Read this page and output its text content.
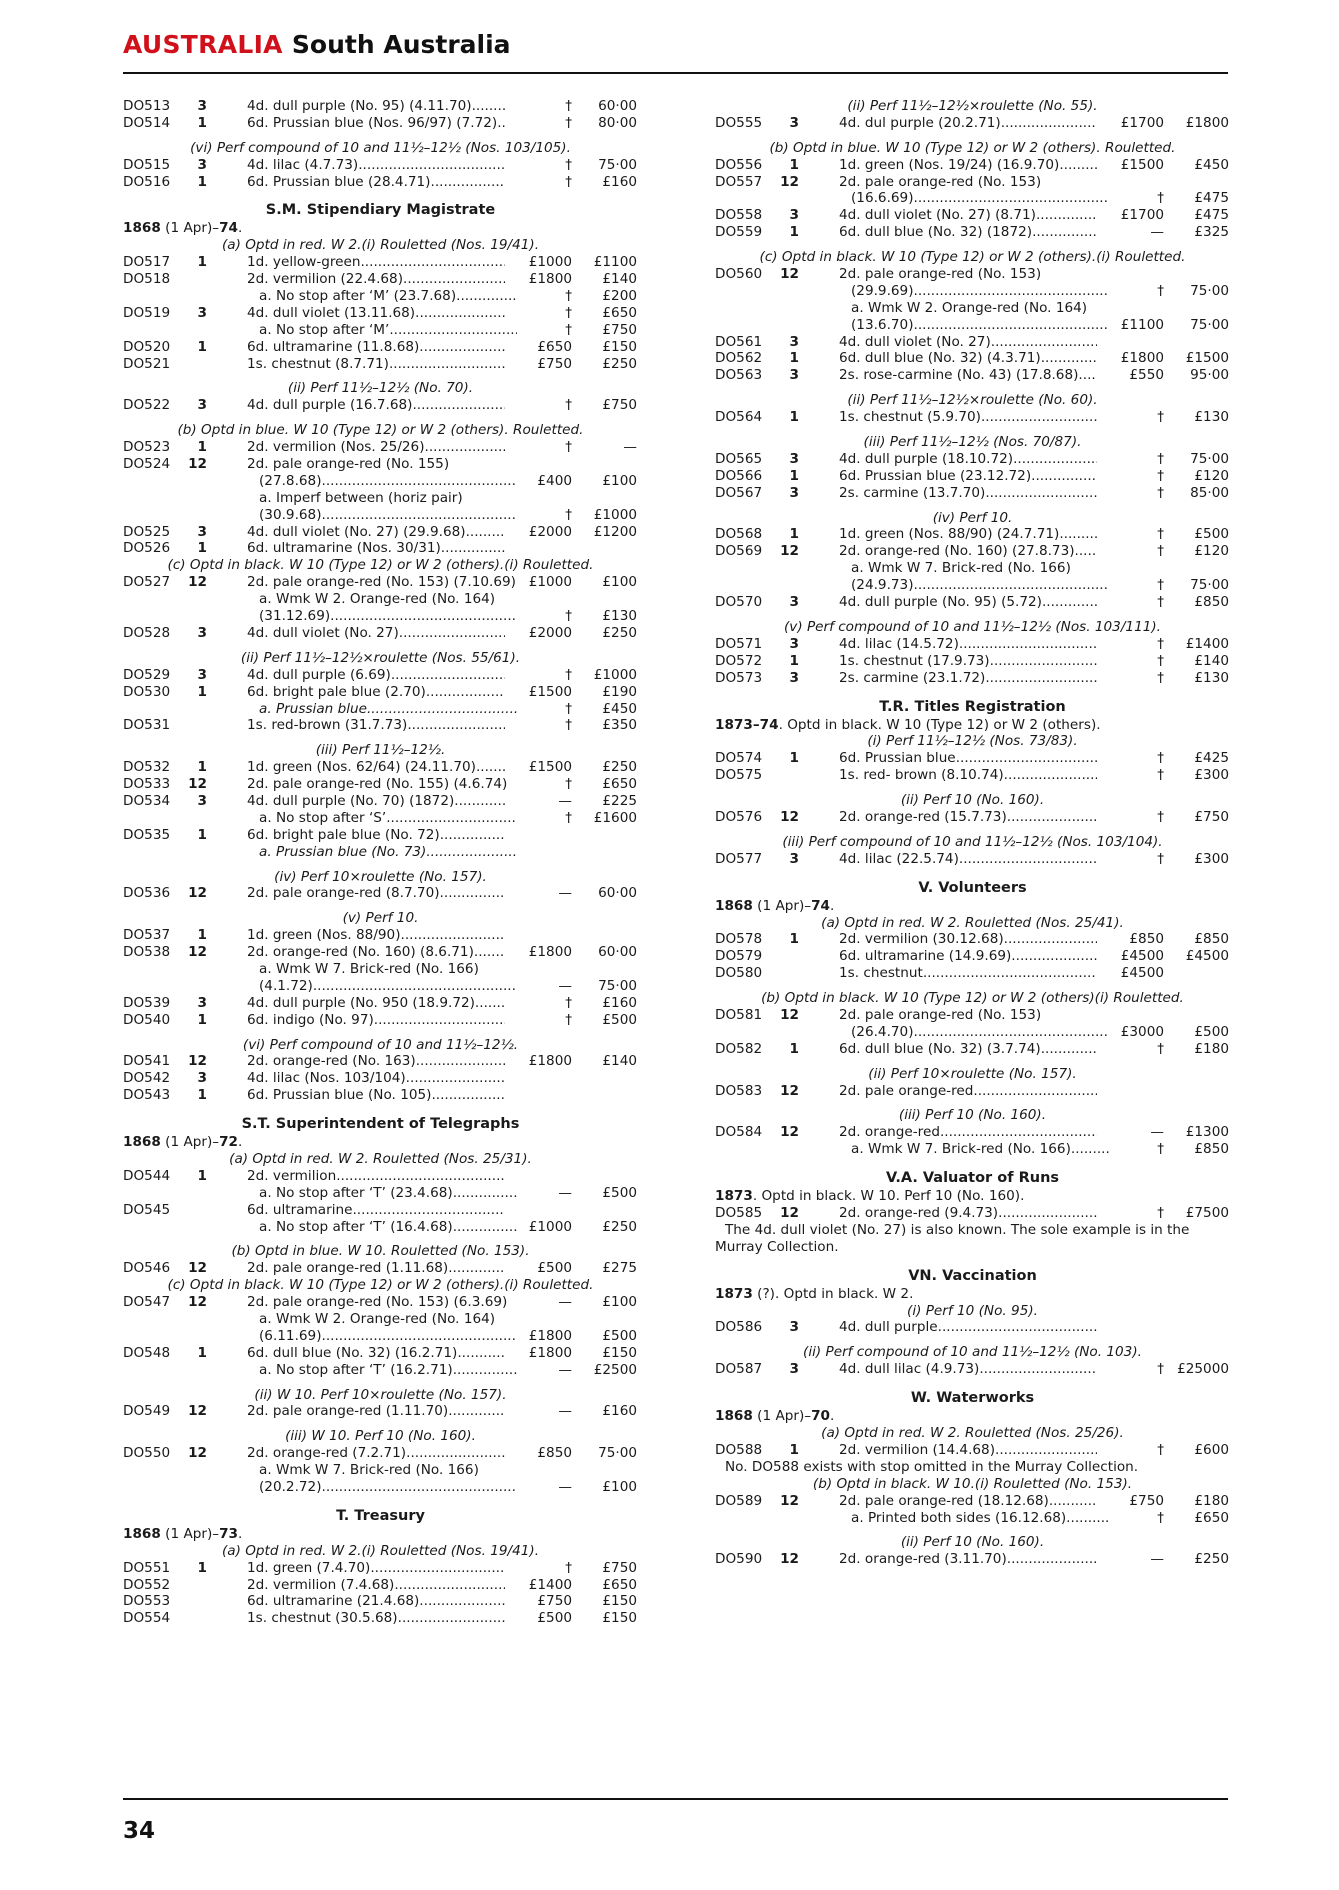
AUSTRALIA South Australia
DO513	3	4d. dull purple (No. 95) (4.11.70) .....	†	60·00
DO514	1	6d. Prussian blue (Nos. 96/97) (7.72) .....	†	80·00
(vi) Perf compound of 10 and 11½–12½ (Nos. 103/105).
DO515	3	4d. lilac (4.7.73) .....	†	75·00
DO516	1	6d. Prussian blue (28.4.71) .....	†	£160
S.M. Stipendiary Magistrate
1868 (1 Apr)–74.
(a) Optd in red. W 2.(i) Rouletted (Nos. 19/41).
DO517	1	1d. yellow-green .....	£1000	£1100
DO518	2d. vermilion (22.4.68) .....	£1800	£140
a. No stop after ‘M’ (23.7.68) .....	†	£200
DO519	3	4d. dull violet (13.11.68) .....	†	£650
a. No stop after ‘M’ .....	†	£750
DO520	1	6d. ultramarine (11.8.68) .....	£650	£150
DO521	1s. chestnut (8.7.71) .....	£750	£250
(ii) Perf 11½–12½ (No. 70).
DO522	3	4d. dull purple (16.7.68) .....	†	£750
(b) Optd in blue. W 10 (Type 12) or W 2 (others). Rouletted.
DO523	1	2d. vermilion (Nos. 25/26) .....	†	—
DO524 12	2d. pale orange-red (No. 155)
(27.8.68) .....	£400	£100
a. Imperf between (horiz pair)
(30.9.68) .....	†	£1000
DO525	3	4d. dull violet (No. 27) (29.9.68) .....	£2000	£1200
DO526	1	6d. ultramarine (Nos. 30/31) .....
(c) Optd in black. W 10 (Type 12) or W 2 (others).(i) Rouletted.
DO527 12	2d. pale orange-red (No. 153) (7.10.69) £1000	£100
a. Wmk W 2. Orange-red (No. 164)
(31.12.69) .....	†	£130
DO528	3	4d. dull violet (No. 27) .....	£2000	£250
(ii) Perf 11½–12½×roulette (Nos. 55/61).
DO529	3	4d. dull purple (6.69) .....	†	£1000
DO530	1	6d. bright pale blue (2.70) .....	£1500	£190
a. Prussian blue .....	†	£450
DO531	1s. red-brown (31.7.73) .....	†	£350
(iii) Perf 11½–12½.
DO532	1	1d. green (Nos. 62/64) (24.11.70) .....	£1500	£250
DO533 12	2d. pale orange-red (No. 155) (4.6.74)	†	£650
DO534	3	4d. dull purple (No. 70) (1872) .....	—	£225
a. No stop after ‘S’ .....	†	£1600
DO535	1	6d. bright pale blue (No. 72) .....
a. Prussian blue (No. 73) .....
(iv) Perf 10×roulette (No. 157).
DO536 12	2d. pale orange-red (8.7.70) .....	—	60·00
(v) Perf 10.
DO537	1	1d. green (Nos. 88/90) .....
DO538 12	2d. orange-red (No. 160) (8.6.71) .....	£1800	60·00
a. Wmk W 7. Brick-red (No. 166)
(4.1.72) .....	—	75·00
DO539	3	4d. dull purple (No. 950 (18.9.72) .....	†	£160
DO540	1	6d. indigo (No. 97) .....	†	£500
(vi) Perf compound of 10 and 11½–12½.
DO541 12	2d. orange-red (No. 163) .....	£1800	£140
DO542	3	4d. lilac (Nos. 103/104) .....
DO543	1	6d. Prussian blue (No. 105) .....
S.T. Superintendent of Telegraphs
1868 (1 Apr)–72.
(a) Optd in red. W 2. Rouletted (Nos. 25/31).
DO544	1	2d. vermilion .....
a. No stop after ‘T’ (23.4.68) .....	—	£500
DO545	6d. ultramarine .....
a. No stop after ‘T’ (16.4.68) .....	£1000	£250
(b) Optd in blue. W 10. Rouletted (No. 153).
DO546 12	2d. pale orange-red (1.11.68) .....	£500	£275
(c) Optd in black. W 10 (Type 12) or W 2 (others).(i) Rouletted.
DO547 12	2d. pale orange-red (No. 153) (6.3.69)	—	£100
a. Wmk W 2. Orange-red (No. 164)
(6.11.69) .....	£1800	£500
DO548	1	6d. dull blue (No. 32) (16.2.71) .....	£1800	£150
a. No stop after ‘T’ (16.2.71) .....	—	£2500
(ii) W 10. Perf 10×roulette (No. 157).
DO549 12	2d. pale orange-red (1.11.70) .....	—	£160
(iii) W 10. Perf 10 (No. 160).
DO550 12	2d. orange-red (7.2.71) .....	£850	75·00
a. Wmk W 7. Brick-red (No. 166)
(20.2.72) .....	—	£100
T. Treasury
1868 (1 Apr)–73.
(a) Optd in red. W 2.(i) Rouletted (Nos. 19/41).
DO551	1	1d. green (7.4.70) .....	†	£750
DO552	2d. vermilion (7.4.68) .....	£1400	£650
DO553	6d. ultramarine (21.4.68) .....	£750	£150
DO554	1s. chestnut (30.5.68) .....	£500	£150
(ii) Perf 11½–12½×roulette (No. 55).
DO555	3	4d. dul purple (20.2.71) .....	£1700	£1800
(b) Optd in blue. W 10 (Type 12) or W 2 (others). Rouletted.
DO556	1	1d. green (Nos. 19/24) (16.9.70) .....	£1500	£450
DO557 12	2d. pale orange-red (No. 153)
(16.6.69) .....	†	£475
DO558	3	4d. dull violet (No. 27) (8.71) .....	£1700	£475
DO559	1	6d. dull blue (No. 32) (1872) .....	—	£325
(c) Optd in black. W 10 (Type 12) or W 2 (others).(i) Rouletted.
DO560 12	2d. pale orange-red (No. 153)
(29.9.69) .....	†	75·00
a. Wmk W 2. Orange-red (No. 164)
(13.6.70) .....	£1100	75·00
DO561	3	4d. dull violet (No. 27) .....
DO562	1	6d. dull blue (No. 32) (4.3.71) .....	£1800	£1500
DO563	3	2s. rose-carmine (No. 43) (17.8.68) .....	£550	95·00
(ii) Perf 11½–12½×roulette (No. 60).
DO564	1	1s. chestnut (5.9.70) .....	†	£130
(iii) Perf 11½–12½ (Nos. 70/87).
DO565	3	4d. dull purple (18.10.72) .....	†	75·00
DO566	1	6d. Prussian blue (23.12.72) .....	†	£120
DO567	3	2s. carmine (13.7.70) .....	†	85·00
(iv) Perf 10.
DO568	1	1d. green (Nos. 88/90) (24.7.71) .....	†	£500
DO569 12	2d. orange-red (No. 160) (27.8.73) .....	†	£120
a. Wmk W 7. Brick-red (No. 166)
(24.9.73) .....	†	75·00
DO570	3	4d. dull purple (No. 95) (5.72) .....	†	£850
(v) Perf compound of 10 and 11½–12½ (Nos. 103/111).
DO571	3	4d. lilac (14.5.72) .....	†	£1400
DO572	1	1s. chestnut (17.9.73) .....	†	£140
DO573	3	2s. carmine (23.1.72) .....	†	£130
T.R. Titles Registration
1873–74. Optd in black. W 10 (Type 12) or W 2 (others).
(i) Perf 11½–12½ (Nos. 73/83).
DO574	1	6d. Prussian blue .....	†	£425
DO575	1s. red- brown (8.10.74) .....	†	£300
(ii) Perf 10 (No. 160).
DO576 12	2d. orange-red (15.7.73) .....	†	£750
(iii) Perf compound of 10 and 11½–12½ (Nos. 103/104).
DO577	3	4d. lilac (22.5.74) .....	†	£300
V. Volunteers
1868 (1 Apr)–74.
(a) Optd in red. W 2. Rouletted (Nos. 25/41).
DO578	1	2d. vermilion (30.12.68) .....	£850	£850
DO579	6d. ultramarine (14.9.69) .....	£4500	£4500
DO580	1s. chestnut .....	£4500
(b) Optd in black. W 10 (Type 12) or W 2 (others)(i) Rouletted.
DO581 12	2d. pale orange-red (No. 153)
(26.4.70) .....	£3000	£500
DO582	1	6d. dull blue (No. 32) (3.7.74) .....	†	£180
(ii) Perf 10×roulette (No. 157).
DO583 12	2d. pale orange-red .....
(iii) Perf 10 (No. 160).
DO584 12	2d. orange-red .....	—	£1300
a. Wmk W 7. Brick-red (No. 166) .....	†	£850
V.A. Valuator of Runs
1873. Optd in black. W 10. Perf 10 (No. 160).
DO585 12	2d. orange-red (9.4.73) .....	†	£7500
The 4d. dull violet (No. 27) is also known. The sole example is in the Murray Collection.
VN. Vaccination
1873 (?). Optd in black. W 2.
(i) Perf 10 (No. 95).
DO586	3	4d. dull purple .....
(ii) Perf compound of 10 and 11½–12½ (No. 103).
DO587	3	4d. dull lilac (4.9.73) .....	† £25000
W. Waterworks
1868 (1 Apr)–70.
(a) Optd in red. W 2. Rouletted (Nos. 25/26).
DO588	1	2d. vermilion (14.4.68) .....	†	£600
No. DO588 exists with stop omitted in the Murray Collection.
(b) Optd in black. W 10.(i) Rouletted (No. 153).
DO589 12	2d. pale orange-red (18.12.68) .....	£750	£180
a. Printed both sides (16.12.68) .....	†	£650
(ii) Perf 10 (No. 160).
DO590 12	2d. orange-red (3.11.70) .....	—	£250
34
